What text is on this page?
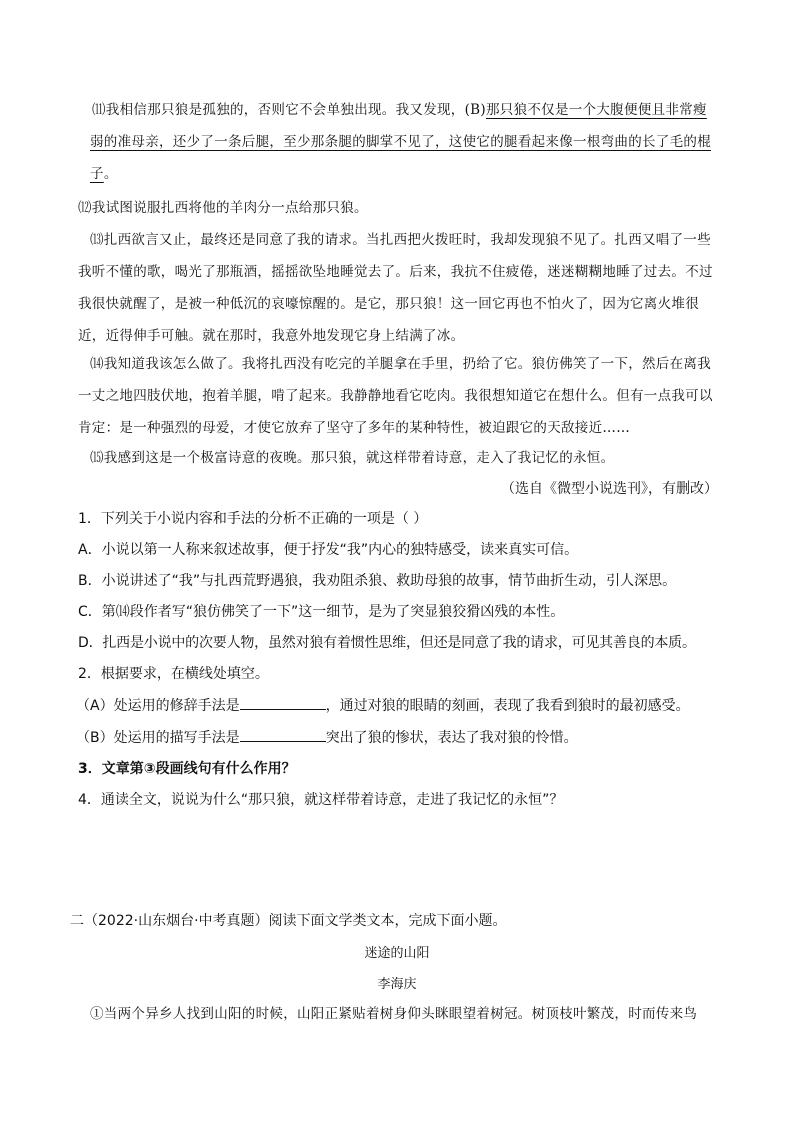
⑾我相信那只狼是孤独的，否则它不会单独出现。我又发现，(B)那只狼不仅是一个大腹便便且非常瘦弱的准母亲，还少了一条后腿，至少那条腿的脚掌不见了，这使它的腿看起来像一根弯曲的长了毛的棍子。
⑿我试图说服扎西将他的羊肉分一点给那只狼。
⒀扎西欲言又止，最终还是同意了我的请求。当扎西把火拨旺时，我却发现狼不见了。扎西又唱了一些我听不懂的歌，喝光了那瓶酒，摇摇欲坠地睡觉去了。后来，我抗不住疲倦，迷迷糊糊地睡了过去。不过我很快就醒了，是被一种低沉的哀嚎惊醒的。是它，那只狼！这一回它再也不怕火了，因为它离火堆很近，近得伸手可触。就在那时，我意外地发现它身上结满了冰。
⒁我知道我该怎么做了。我将扎西没有吃完的羊腿拿在手里，扔给了它。狼仿佛笑了一下，然后在离我一丈之地四肢伏地，抱着羊腿，啃了起来。我静静地看它吃肉。我很想知道它在想什么。但有一点我可以肯定：是一种强烈的母爱，才使它放弃了坚守了多年的某种特性，被迫跟它的天敌接近……
⒂我感到这是一个极富诗意的夜晚。那只狼，就这样带着诗意，走入了我记忆的永恒。
（选自《微型小说选刊》，有删改）
1．下列关于小说内容和手法的分析不正确的一项是（ ）
A．小说以第一人称来叙述故事，便于抒发“我”内心的独特感受，读来真实可信。
B．小说讲述了“我”与扎西荒野遇狼，我劝阻杀狼、救助母狼的故事，情节曲折生动，引人深思。
C．第⒁段作者写“狼仿佛笑了一下”这一细节，是为了突显狼狡猾凶残的本性。
D．扎西是小说中的次要人物，虽然对狼有着惯性思维，但还是同意了我的请求，可见其善良的本质。
2．根据要求，在横线处填空。
（A）处运用的修辞手法是	，通过对狼的眼睛的刻画，表现了我看到狼时的最初感受。
（B）处运用的描写手法是	突出了狼的惨状，表达了我对狼的怜惜。
3．文章第③段画线句有什么作用？
4．通读全文，说说为什么“那只狼，就这样带着诗意，走进了我记忆的永恒”？
二（2022·山东烟台·中考真题）阅读下面文学类文本，完成下面小题。
迷途的山阳
李海庆
①当两个异乡人找到山阳的时候，山阳正紧贴着树身仰头眯眼望着树冠。树顶枝叶繁茂，时而传来鸟
